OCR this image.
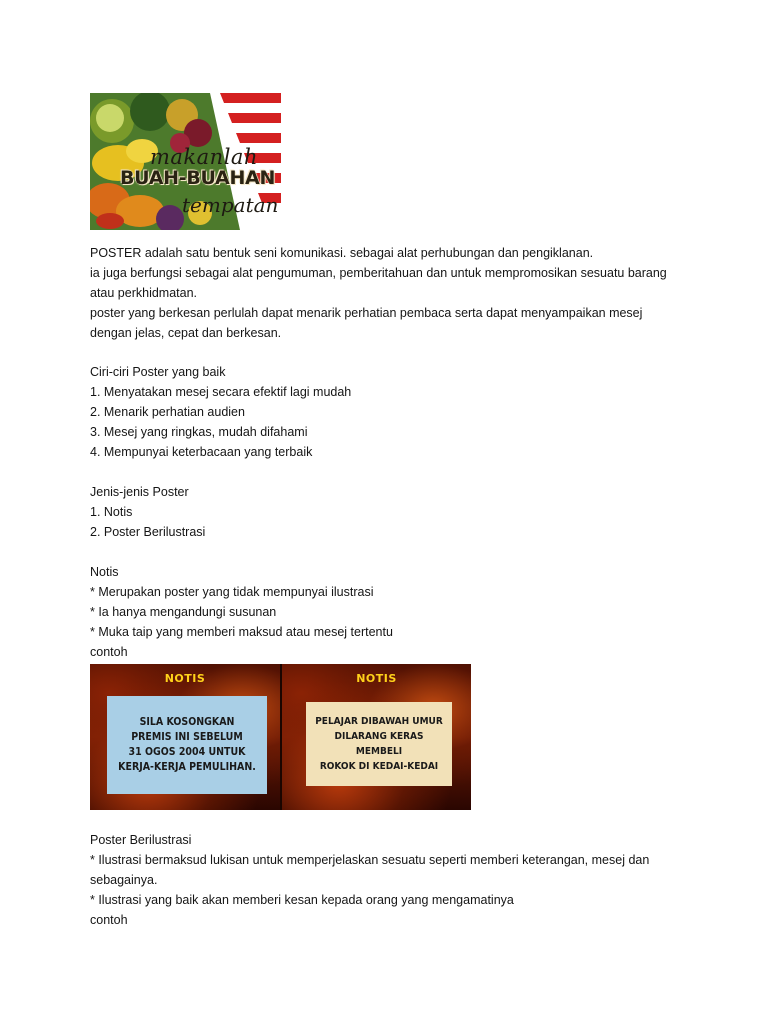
makanlah
BUAH-BUAHAN
tempatan

POSTER adalah satu bentuk seni komunikasi. sebagai alat perhubungan dan pengiklanan.

ia juga berfungsi sebagai alat pengumuman, pemberitahuan dan untuk mempromosikan sesuatu barang

atau perkhidmatan.

poster yang berkesan perlulah dapat menarik perhatian pembaca serta dapat menyampaikan mesej

dengan jelas, cepat dan berkesan.

Ciri-ciri Poster yang baik

1. Menyatakan mesej secara efektif lagi mudah

2. Menarik perhatian audien

3. Mesej yang ringkas, mudah difahami

4. Mempunyai keterbacaan yang terbaik

Jenis-jenis Poster

1. Notis

2. Poster Berilustrasi

Notis

* Merupakan poster yang tidak mempunyai ilustrasi

* Ia hanya mengandungi susunan

* Muka taip yang memberi maksud atau mesej tertentu

contoh

NOTIS
SILA KOSONGKAN
PREMIS INI SEBELUM
31 OGOS 2004 UNTUK
KERJA-KERJA PEMULIHAN.
NOTIS
PELAJAR DIBAWAH UMUR
DILARANG KERAS MEMBELI
ROKOK DI KEDAI-KEDAI

Poster Berilustrasi

* Ilustrasi bermaksud lukisan untuk memperjelaskan sesuatu seperti memberi keterangan, mesej dan

sebagainya.

* Ilustrasi yang baik akan memberi kesan kepada orang yang mengamatinya

contoh
